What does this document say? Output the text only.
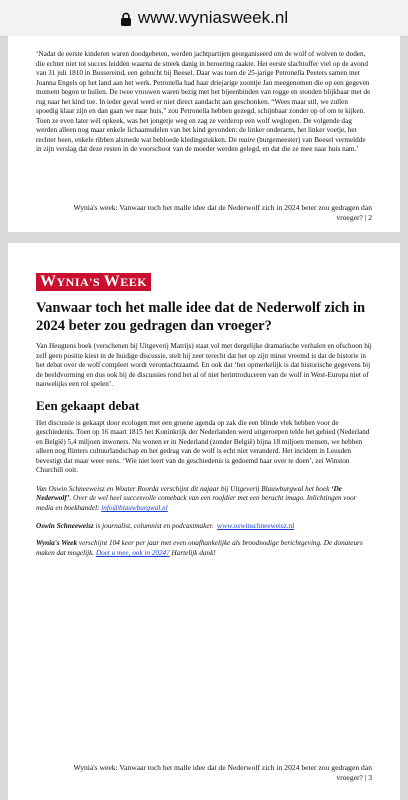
www.wyniasweek.nl

‘Nadat de eerste kinderen waren doodgebeten, werden jachtpartijen georganiseerd om de wolf of wolven te doden, die echter niet tot succes leidden waarna de streek danig in beroering raakte. Het eerste slachtoffer viel op de avond van 31 juli 1810 in Bussereind, een gehucht bij Beesel. Daar was toen de 25-jarige Petronella Peeters samen met Joanna Engels op het land aan het werk. Petronella had haar driejarige zoontje Jan meegenomen die op een gegeven moment begon te huilen. De twee vrouwen waren bezig met het bijeenbinden van rogge en stonden blijkbaar met de rug naar het kind toe. In ieder geval werd er niet direct aandacht aan geschonken. “Wees maar stil, we zullen spoedig klaar zijn en dan gaan we naar huis,” zou Petronella hebben gezegd, schijnbaar zonder op of om te kijken. Toen ze even later wél opkeek, was het jongetje weg en zag ze verderop een wolf weglopen. De volgende dag werden alleen nog maar enkele lichaamsdelen van het kind gevonden: de linker onderarm, het linker voetje, het rechter been, enkele ribben alsmede wat bebloede kledingstukken. De maire (burgemeester) van Beesel vermeldde in zijn verslag dat deze resten in de voorschoot van de moeder werden gelegd, en dat die ze mee naar huis nam.’

Wynia's week: Vanwaar toch het malle idee dat de Nederwolf zich in 2024 beter zou gedragen dan vroeger? | 2
WYNIA'S WEEK
Vanwaar toch het malle idee dat de Nederwolf zich in 2024 beter zou gedragen dan vroeger?

Van Heugtens boek (verschenen bij Uitgeverij Matrijs) staat vol met dergelijke dramatische verhalen en ofschoon hij zelf geen positie kiest in de huidige discussie, stelt hij zeer terecht dat het op zijn minst vreemd is dat de historie in het debat over de wolf compleet wordt verontachtzaamd. En ook dat ‘het opmerkelijk is dat historische gegevens bij de beeldvorming en dus ook bij de discussies rond het al of niet herintroduceren van de wolf in West-Europa niet of nauwelijks een rol spelen’.

Een gekaapt debat

Het discussie is gekaapt door ecologen met een groene agenda op zak die een blinde vlek hebben voor de geschiedenis. Toen op 16 maart 1815 het Koninkrijk der Nederlanden werd uitgeroepen telde het gebied (Nederland en België) 5,4 miljoen inwoners. Nu wonen er in Nederland (zonder België) bijna 18 miljoen mensen, we hebben alleen nog flinters cultuurlandschap en het gedrag van de wolf is echt niet veranderd. Het incident in Leusden bevestigt dat maar weer eens. ‘Wie niet leert van de geschiedenis is gedoemd haar over te doen’, zei Winston Churchill ooit.

Van Oswin Schneeweisz en Wouter Roorda verschijnt dit najaar bij Uitgeverij Blauwburgwal het boek ‘De Nederwolf’. Over de wel heel succesvolle comeback van een roofdier met een berucht imago. Inlichtingen voor media en boekhandel: info@blauwburgwal.nl

Oswin Schneeweisz is journalist, columnist en podcastmaker. www.oswinschneeweisz.nl

Wynia's Week verschijnt 104 keer per jaar met even onafhankelijke als broodnodige berichtgeving. De donateurs maken dat mogelijk. Doet u mee, ook in 2024? Hartelijk dank!

Wynia's week: Vanwaar toch het malle idee dat de Nederwolf zich in 2024 beter zou gedragen dan vroeger? | 3
